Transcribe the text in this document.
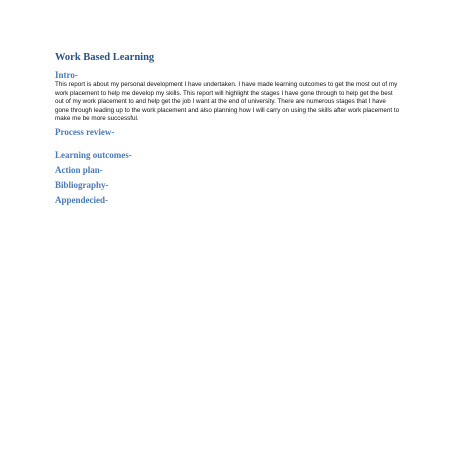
Work Based Learning
Intro-

This report is about my personal development I have undertaken. I have made learning outcomes to get the most out of my work placement to help me develop my skills. This report will highlight the stages I have gone through to help get the best out of my work placement to and help get the job I want at the end of university. There are numerous stages that I have gone through leading up to the work placement and also planning how I will carry on using the skills after work placement to make me be more successful.

Process review-
Learning outcomes-
Action plan-
Bibliography-
Appendecied-
